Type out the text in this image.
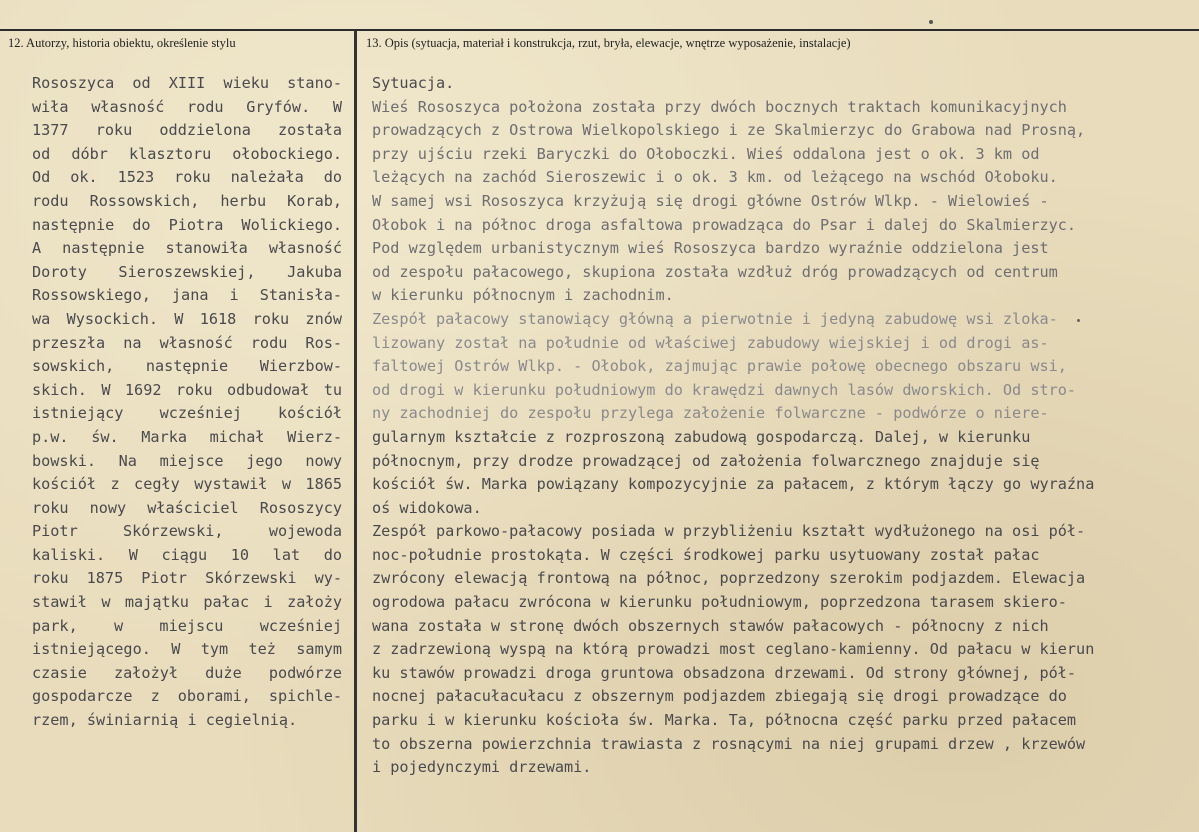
12. Autorzy, historia obiektu, określenie stylu	13. Opis (sytuacja, materiał i konstrukcja, rzut, bryła, elewacje, wnętrze wyposażenie, instalacje)
Rososzyca od XIII wieku stano-
wiła własność rodu Gryfów. W
1377 roku oddzielona została
od dóbr klasztoru ołobockiego.
Od ok. 1523 roku należała do
rodu Rossowskich, herbu Korab,
następnie do Piotra Wolickiego.
A następnie stanowiła własność
Doroty Sieroszewskiej, Jakuba
Rossowskiego, jana i Stanisła-
wa Wysockich. W 1618 roku znów
przeszła na własność rodu Ros-
sowskich, następnie Wierzbow-
skich. W 1692 roku odbudował tu
istniejący wcześniej kościół
p.w. św. Marka michał Wierz-
bowski. Na miejsce jego nowy
kościół z cegły wystawił w 1865
roku nowy właściciel Rososzycy
Piotr Skórzewski, wojewoda
kaliski. W ciągu 10 lat do
roku 1875 Piotr Skórzewski wy-
stawił w majątku pałac i założy
park, w miejscu wcześniej
istniejącego. W tym też samym
czasie założył duże podwórze
gospodarcze z oborami, spichle-
rzem, świniarnią i cegielnią.
Sytuacja.
Wieś Rososzyca położona została przy dwóch bocznych traktach komunikacyjnych
prowadzących z Ostrowa Wielkopolskiego i ze Skalmierzyc do Grabowa nad Prosną,
przy ujściu rzeki Baryczki do Ołoboczki. Wieś oddalona jest o ok. 3 km od
leżących na zachód Sieroszewic i o ok. 3 km. od leżącego na wschód Ołoboku.
W samej wsi Rososzyca krzyżują się drogi główne Ostrów Wlkp. - Wielowieś -
Ołobok i na północ droga asfaltowa prowadząca do Psar i dalej do Skalmierzyc.
Pod względem urbanistycznym wieś Rososzyca bardzo wyraźnie oddzielona jest
od zespołu pałacowego, skupiona została wzdłuż dróg prowadzących od centrum
w kierunku północnym i zachodnim.
Zespół pałacowy stanowiący główną a pierwotnie i jedyną zabudowę wsi zloka-
lizowany został na południe od właściwej zabudowy wiejskiej i od drogi as-
faltowej Ostrów Wlkp. - Ołobok, zajmując prawie połowę obecnego obszaru wsi,
od drogi w kierunku południowym do krawędzi dawnych lasów dworskich. Od stro-
ny zachodniej do zespołu przylega założenie folwarczne - podwórze o niere-
gularnym kształcie z rozproszoną zabudową gospodarczą. Dalej, w kierunku
północnym, przy drodze prowadzącej od założenia folwarcznego znajduje się
kościół św. Marka powiązany kompozycyjnie za pałacem, z którym łączy go wyraźna
oś widokowa.
Zespół parkowo-pałacowy posiada w przybliżeniu kształt wydłużonego na osi pół-
noc-południe prostokąta. W części środkowej parku usytuowany został pałac
zwrócony elewacją frontową na północ, poprzedzony szerokim podjazdem. Elewacja
ogrodowa pałacu zwrócona w kierunku południowym, poprzedzona tarasem skiero-
wana została w stronę dwóch obszernych stawów pałacowych - północny z nich
z zadrzewioną wyspą na którą prowadzi most ceglano-kamienny. Od pałacu w kierun
ku stawów prowadzi droga gruntowa obsadzona drzewami. Od strony głównej, pół-
nocnej pałacułacułacu z obszernym podjazdem zbiegają się drogi prowadzące do
parku i w kierunku kościoła św. Marka. Ta, północna część parku przed pałacem
to obszerna powierzchnia trawiasta z rosnącymi na niej grupami drzew , krzewów
i pojedynczymi drzewami.
